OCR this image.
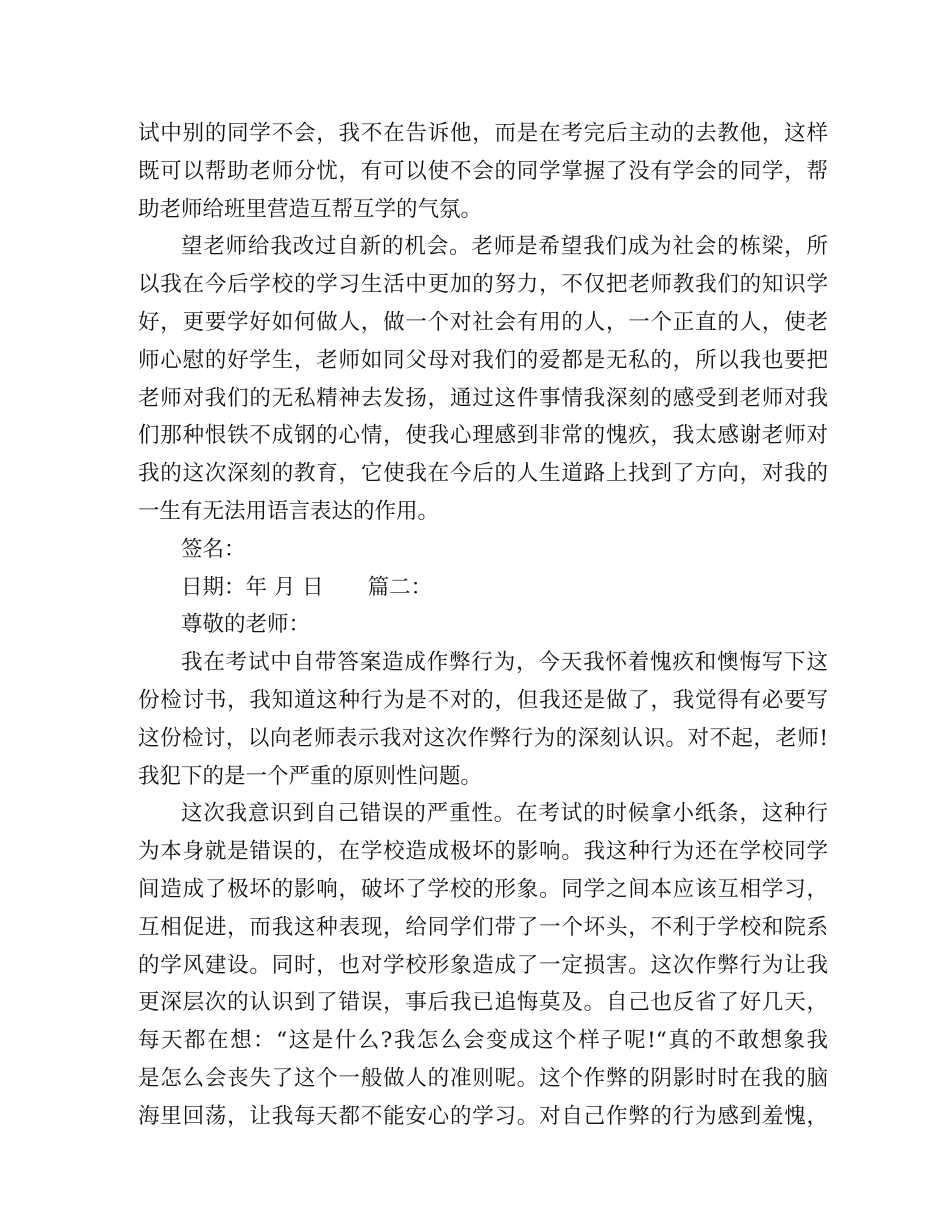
试中别的同学不会，我不在告诉他，而是在考完后主动的去教他，这样
既可以帮助老师分忧，有可以使不会的同学掌握了没有学会的同学，帮
助老师给班里营造互帮互学的气氛。
望老师给我改过自新的机会。老师是希望我们成为社会的栋梁，所
以我在今后学校的学习生活中更加的努力，不仅把老师教我们的知识学
好，更要学好如何做人，做一个对社会有用的人，一个正直的人，使老
师心慰的好学生，老师如同父母对我们的爱都是无私的，所以我也要把
老师对我们的无私精神去发扬，通过这件事情我深刻的感受到老师对我
们那种恨铁不成钢的心情，使我心理感到非常的愧疚，我太感谢老师对
我的这次深刻的教育，它使我在今后的人生道路上找到了方向，对我的
一生有无法用语言表达的作用。
签名：
日期：年 月 日 篇二：
尊敬的老师：
我在考试中自带答案造成作弊行为，今天我怀着愧疚和懊悔写下这
份检讨书，我知道这种行为是不对的，但我还是做了，我觉得有必要写
这份检讨，以向老师表示我对这次作弊行为的深刻认识。对不起，老师!
我犯下的是一个严重的原则性问题。
这次我意识到自己错误的严重性。在考试的时候拿小纸条，这种行
为本身就是错误的，在学校造成极坏的影响。我这种行为还在学校同学
间造成了极坏的影响，破坏了学校的形象。同学之间本应该互相学习，
互相促进，而我这种表现，给同学们带了一个坏头，不利于学校和院系
的学风建设。同时，也对学校形象造成了一定损害。这次作弊行为让我
更深层次的认识到了错误，事后我已追悔莫及。自己也反省了好几天，
每天都在想：“这是什么?我怎么会变成这个样子呢!“真的不敢想象我
是怎么会丧失了这个一般做人的准则呢。这个作弊的阴影时时在我的脑
海里回荡，让我每天都不能安心的学习。对自己作弊的行为感到羞愧，
